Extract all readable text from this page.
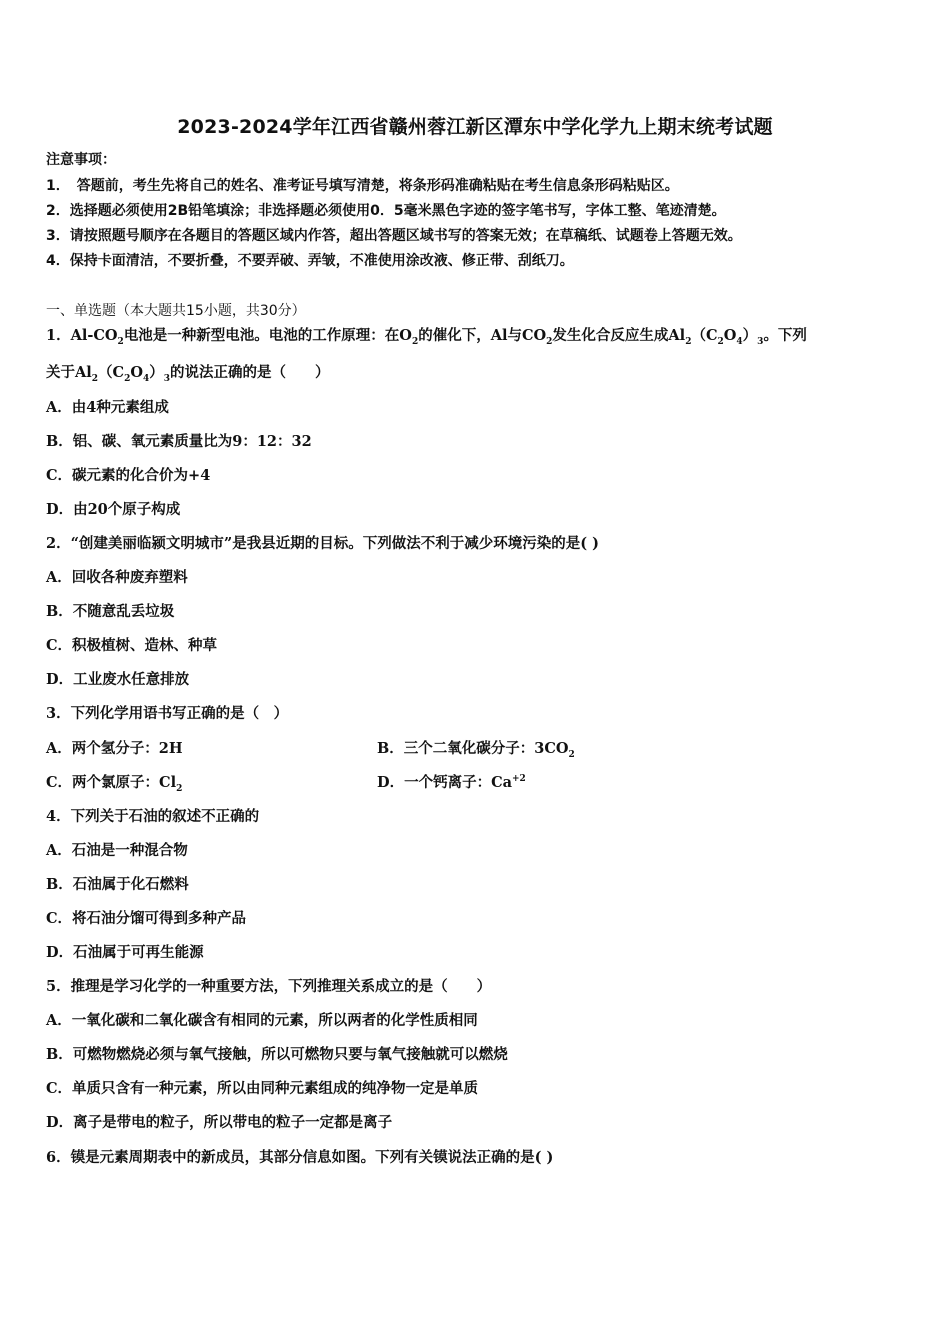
2023-2024学年江西省赣州蓉江新区潭东中学化学九上期末统考试题
注意事项：
1．　答题前，考生先将自己的姓名、准考证号填写清楚，将条形码准确粘贴在考生信息条形码粘贴区。
2．选择题必须使用2B铅笔填涂；非选择题必须使用0．5毫米黑色字迹的签字笔书写，字体工整、笔迹清楚。
3．请按照题号顺序在各题目的答题区域内作答，超出答题区域书写的答案无效；在草稿纸、试题卷上答题无效。
4．保持卡面清洁，不要折叠，不要弄破、弄皱，不准使用涂改液、修正带、刮纸刀。
一、单选题（本大题共15小题，共30分）
1．$Al-CO_2$电池是一种新型电池。电池的工作原理：在$O_2$的催化下，Al与$CO_2$发生化合反应生成$Al_2(C_2O_4)_3$。下列
关于$Al_2(C_2O_4)_3$的说法正确的是（　　）
A．由4种元素组成
B．铝、碳、氧元素质量比为9：12：32
C．碳元素的化合价为+4
D．由20个原子构成
2．“创建美丽临颍文明城市”是我县近期的目标。下列做法不利于减少环境污染的是( )
A．回收各种废弃塑料
B．不随意乱丢垃圾
C．积极植树、造林、种草
D．工业废水任意排放
3．下列化学用语书写正确的是（　）
A．两个氢分子：2H	B．三个二氧化碳分子：$3CO_2$
C．两个氯原子：$Cl_2$	D．一个钙离子：$Ca^{+2}$
4．下列关于石油的叙述不正确的
A．石油是一种混合物
B．石油属于化石燃料
C．将石油分馏可得到多种产品
D．石油属于可再生能源
5．推理是学习化学的一种重要方法，下列推理关系成立的是（　　）
A．一氧化碳和二氧化碳含有相同的元素，所以两者的化学性质相同
B．可燃物燃烧必须与氧气接触，所以可燃物只要与氧气接触就可以燃烧
C．单质只含有一种元素，所以由同种元素组成的纯净物一定是单质
D．离子是带电的粒子，所以带电的粒子一定都是离子
6．镆是元素周期表中的新成员，其部分信息如图。下列有关镆说法正确的是( )
